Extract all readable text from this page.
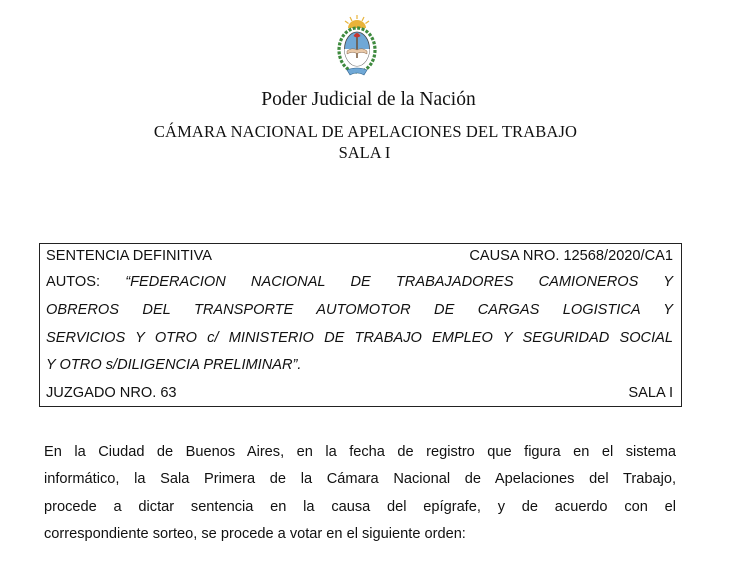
Poder Judicial de la Nación
CÁMARA NACIONAL DE APELACIONES DEL TRABAJO
SALA I
SENTENCIA DEFINITIVA	CAUSA NRO. 12568/2020/CA1
AUTOS: “FEDERACION NACIONAL DE TRABAJADORES CAMIONEROS Y
OBREROS DEL TRANSPORTE AUTOMOTOR DE CARGAS LOGISTICA Y
SERVICIOS Y OTRO c/ MINISTERIO DE TRABAJO EMPLEO Y SEGURIDAD SOCIAL
Y OTRO s/DILIGENCIA PRELIMINAR”.
JUZGADO NRO. 63	SALA I
En la Ciudad de Buenos Aires, en la fecha de registro que figura en el sistema
informático, la Sala Primera de la Cámara Nacional de Apelaciones del Trabajo,
procede a dictar sentencia en la causa del epígrafe, y de acuerdo con el
correspondiente sorteo, se procede a votar en el siguiente orden:
